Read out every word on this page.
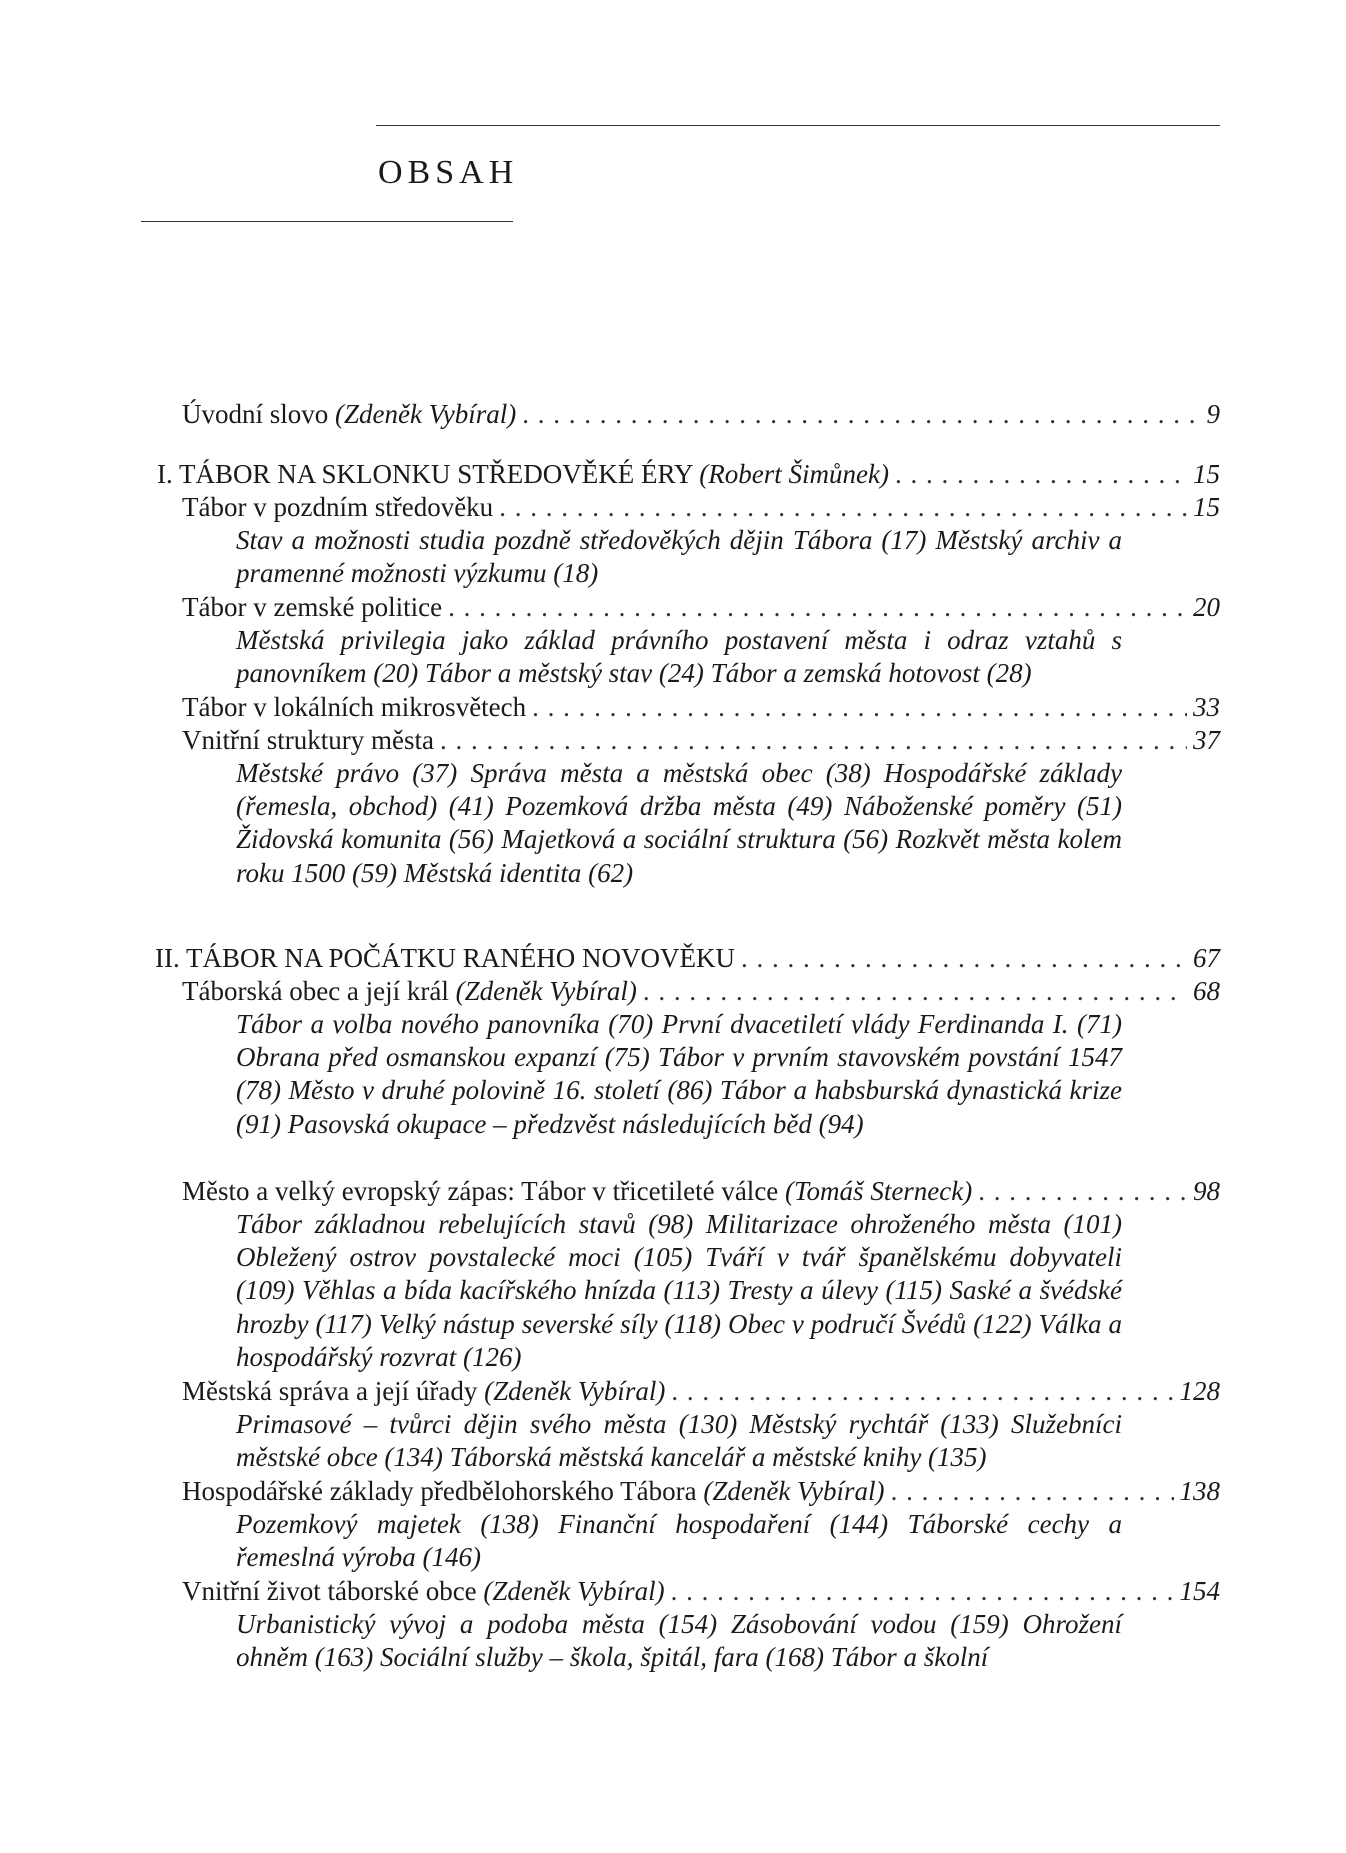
OBSAH
Úvodní slovo (Zdeněk Vybíral) . . .	9
I. TÁBOR NA SKLONKU STŘEDOVĚKÉ ÉRY (Robert Šimůnek) . . .	15
Tábor v pozdním středověku . . .	15

Stav a možnosti studia pozdně středověkých dějin Tábora (17) Městský archiv a pramenné možnosti výzkumu (18)

Tábor v zemské politice . . .	20

Městská privilegia jako základ právního postavení města i odraz vztahů s panovníkem (20) Tábor a městský stav (24) Tábor a zemská hotovost (28)

Tábor v lokálních mikrosvětech . . .	33
Vnitřní struktury města . . .	37

Městské právo (37) Správa města a městská obec (38) Hospodářské základy (řemesla, obchod) (41) Pozemková držba města (49) Náboženské poměry (51) Židovská komunita (56) Majetková a sociální struktura (56) Rozkvět města kolem roku 1500 (59) Městská identita (62)

II. TÁBOR NA POČÁTKU RANÉHO NOVOVĚKU . . .	67
Táborská obec a její král (Zdeněk Vybíral) . . .	68

Tábor a volba nového panovníka (70) První dvacetiletí vlády Ferdinanda I. (71) Obrana před osmanskou expanzí (75) Tábor v prvním stavovském povstání 1547 (78) Město v druhé polovině 16. století (86) Tábor a habsburská dynastická krize (91) Pasovská okupace – předzvěst následujících běd (94)

Město a velký evropský zápas: Tábor v třicetileté válce (Tomáš Sterneck) . . .	98

Tábor základnou rebelujících stavů (98) Militarizace ohroženého města (101) Obležený ostrov povstalecké moci (105) Tváří v tvář španělskému dobyvateli (109) Věhlas a bída kacířského hnízda (113) Tresty a úlevy (115) Saské a švédské hrozby (117) Velký nástup severské síly (118) Obec v područí Švédů (122) Válka a hospodářský rozvrat (126)

Městská správa a její úřady (Zdeněk Vybíral) . . .	128

Primasové – tvůrci dějin svého města (130) Městský rychtář (133) Služebníci městské obce (134) Táborská městská kancelář a městské knihy (135)

Hospodářské základy předbělohorského Tábora (Zdeněk Vybíral) . . .	138

Pozemkový majetek (138) Finanční hospodaření (144) Táborské cechy a řemeslná výroba (146)

Vnitřní život táborské obce (Zdeněk Vybíral) . . .	154

Urbanistický vývoj a podoba města (154) Zásobování vodou (159) Ohrožení ohněm (163) Sociální služby – škola, špitál, fara (168) Tábor a školní
